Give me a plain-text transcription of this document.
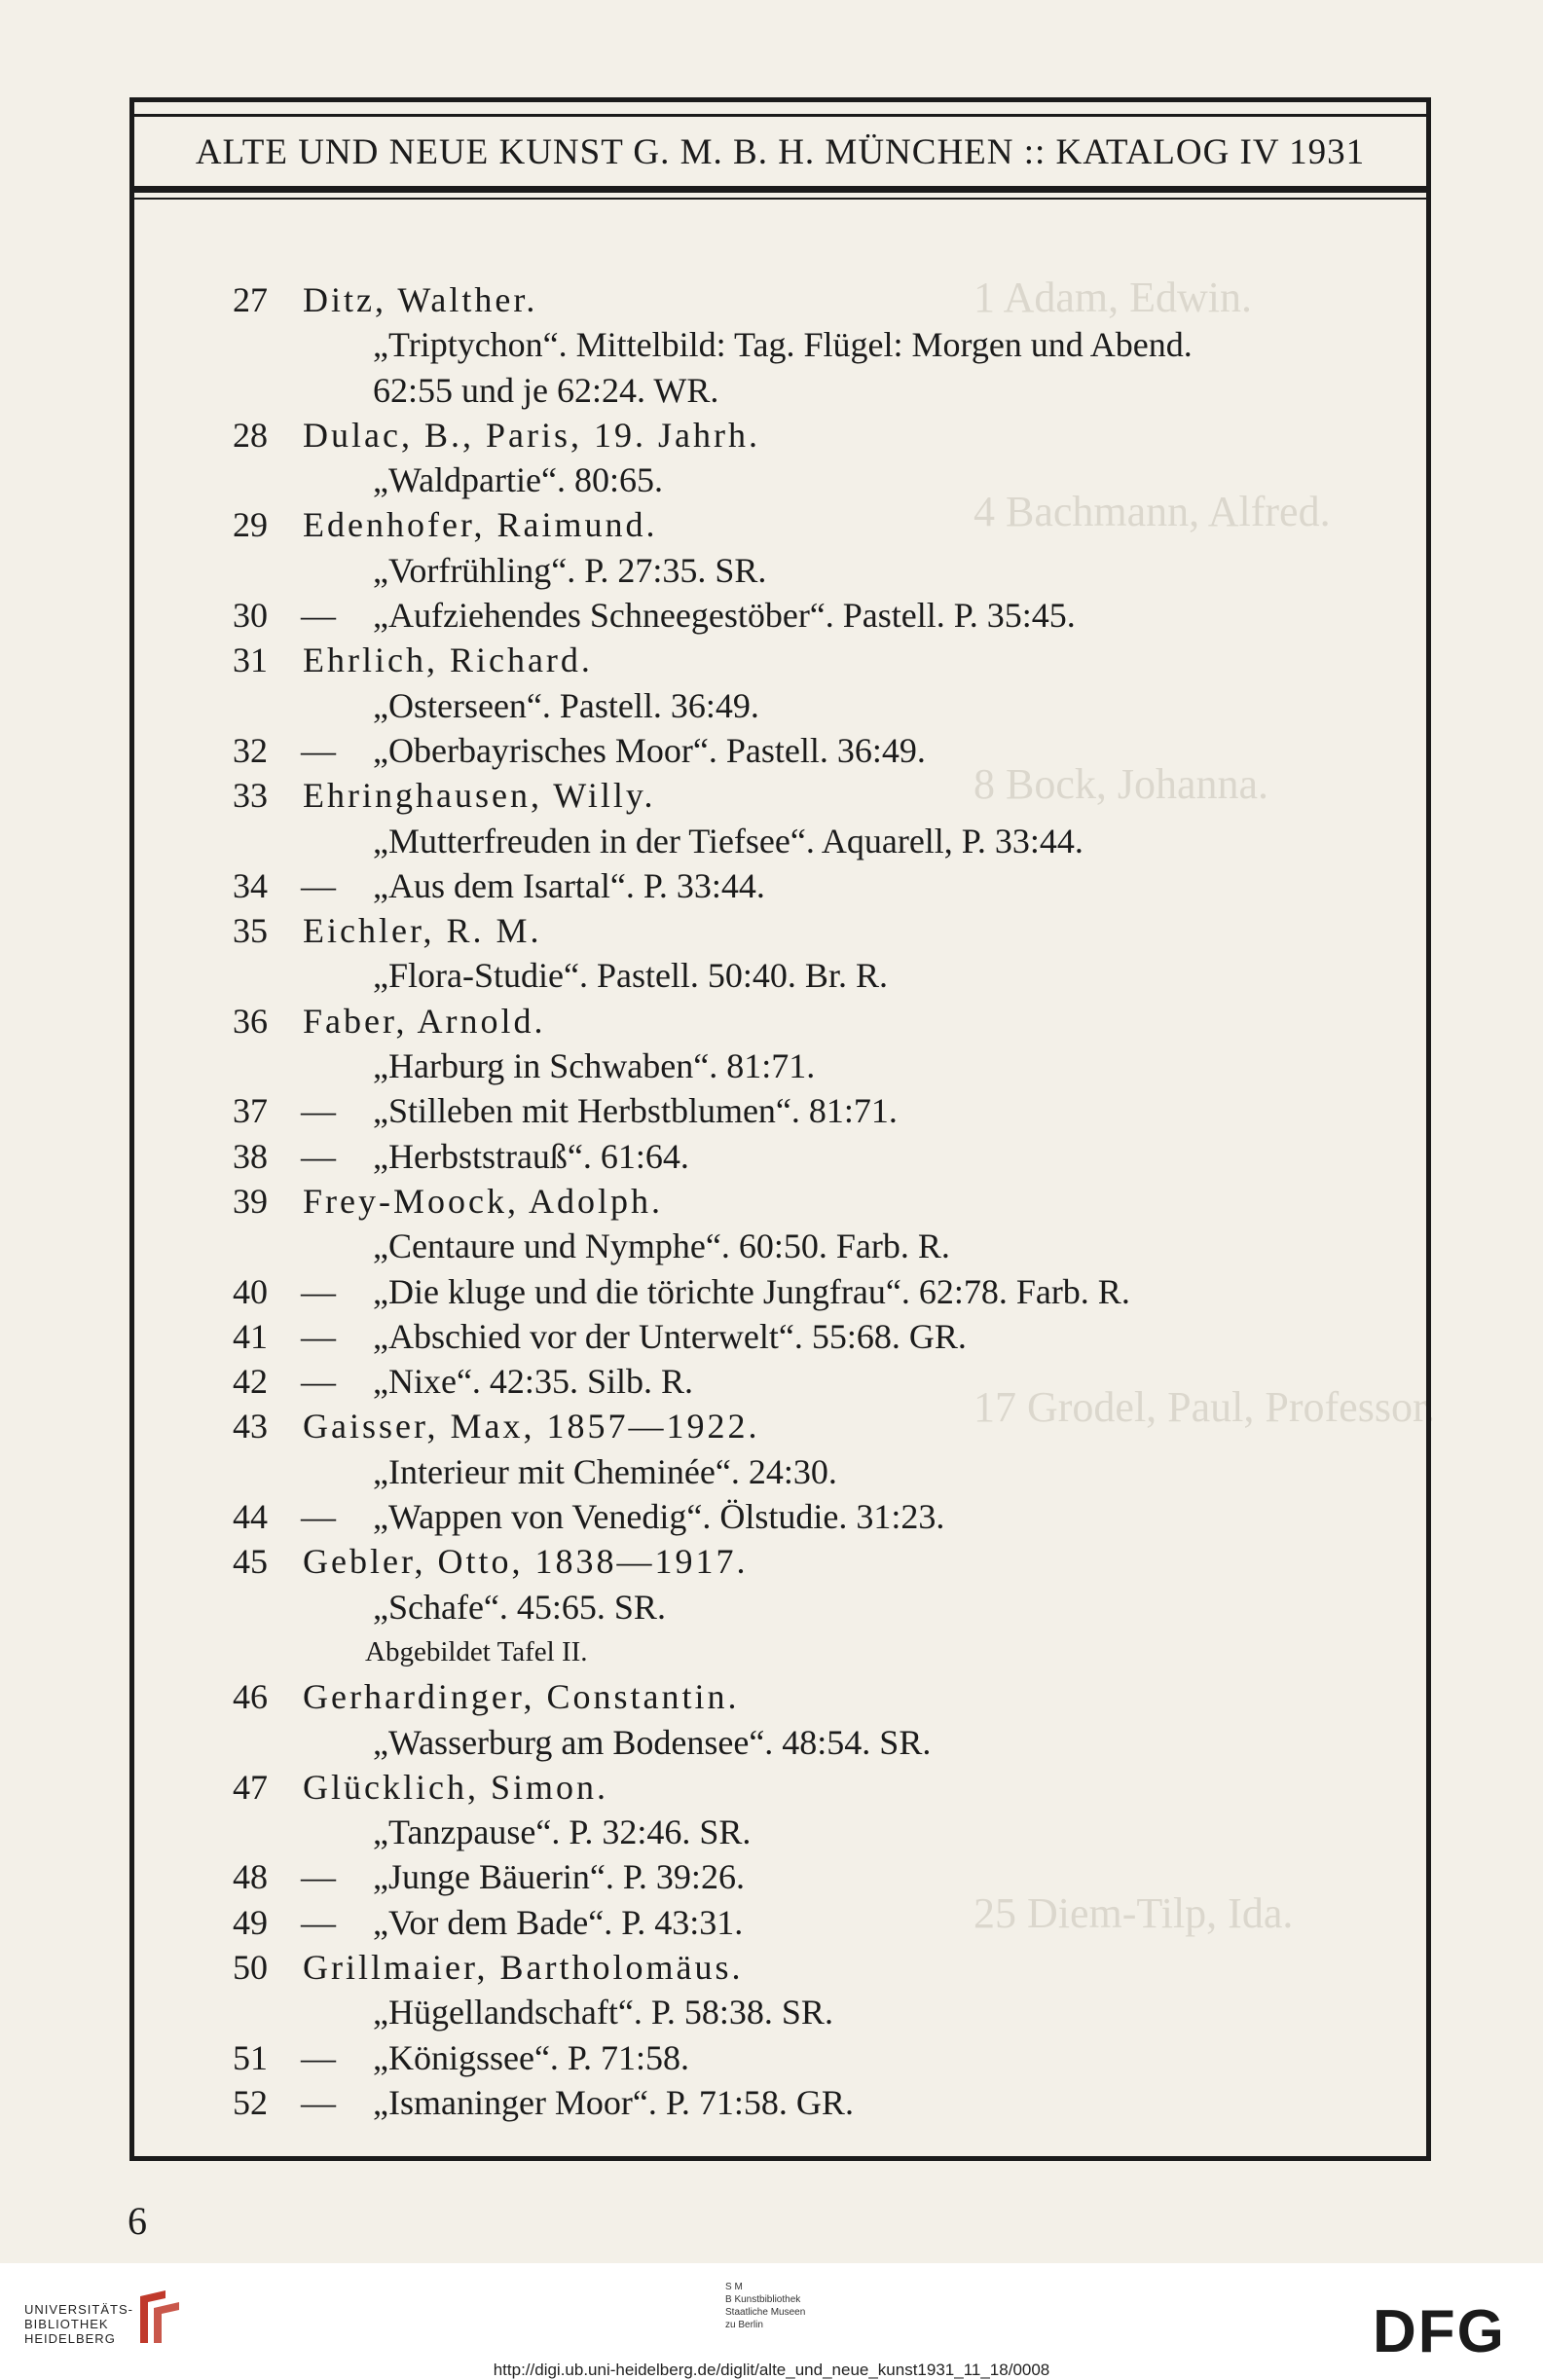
1 Adam, Edwin.
4 Bachmann, Alfred.
8 Bock, Johanna.
17 Grodel, Paul, Professor.
25 Diem-Tilp, Ida.
ALTE UND NEUE KUNST G. M. B. H. MÜNCHEN :: KATALOG IV 1931
27 Ditz, Walther.
„Triptychon“. Mittelbild: Tag. Flügel: Morgen und Abend.
62:55 und je 62:24. WR.
28 Dulac, B., Paris, 19. Jahrh.
„Waldpartie“. 80:65.
29 Edenhofer, Raimund.
„Vorfrühling“. P. 27:35. SR.
30 — „Aufziehendes Schneegestöber“. Pastell. P. 35:45.
31 Ehrlich, Richard.
„Osterseen“. Pastell. 36:49.
32 — „Oberbayrisches Moor“. Pastell. 36:49.
33 Ehringhausen, Willy.
„Mutterfreuden in der Tiefsee“. Aquarell, P. 33:44.
34 — „Aus dem Isartal“. P. 33:44.
35 Eichler, R. M.
„Flora-Studie“. Pastell. 50:40. Br. R.
36 Faber, Arnold.
„Harburg in Schwaben“. 81:71.
37 — „Stilleben mit Herbstblumen“. 81:71.
38 — „Herbststrauß“. 61:64.
39 Frey-Moock, Adolph.
„Centaure und Nymphe“. 60:50. Farb. R.
40 — „Die kluge und die törichte Jungfrau“. 62:78. Farb. R.
41 — „Abschied vor der Unterwelt“. 55:68. GR.
42 — „Nixe“. 42:35. Silb. R.
43 Gaisser, Max, 1857—1922.
„Interieur mit Cheminée“. 24:30.
44 — „Wappen von Venedig“. Ölstudie. 31:23.
45 Gebler, Otto, 1838—1917.
„Schafe“. 45:65. SR.
Abgebildet Tafel II.
46 Gerhardinger, Constantin.
„Wasserburg am Bodensee“. 48:54. SR.
47 Glücklich, Simon.
„Tanzpause“. P. 32:46. SR.
48 — „Junge Bäuerin“. P. 39:26.
49 — „Vor dem Bade“. P. 43:31.
50 Grillmaier, Bartholomäus.
„Hügellandschaft“. P. 58:38. SR.
51 — „Königssee“. P. 71:58.
52 — „Ismaninger Moor“. P. 71:58. GR.
6
UNIVERSITÄTS-
BIBLIOTHEK
HEIDELBERG
S M
B Kunstbibliothek
Staatliche Museen
zu Berlin	DFG
http://digi.ub.uni-heidelberg.de/diglit/alte_und_neue_kunst1931_11_18/0008
